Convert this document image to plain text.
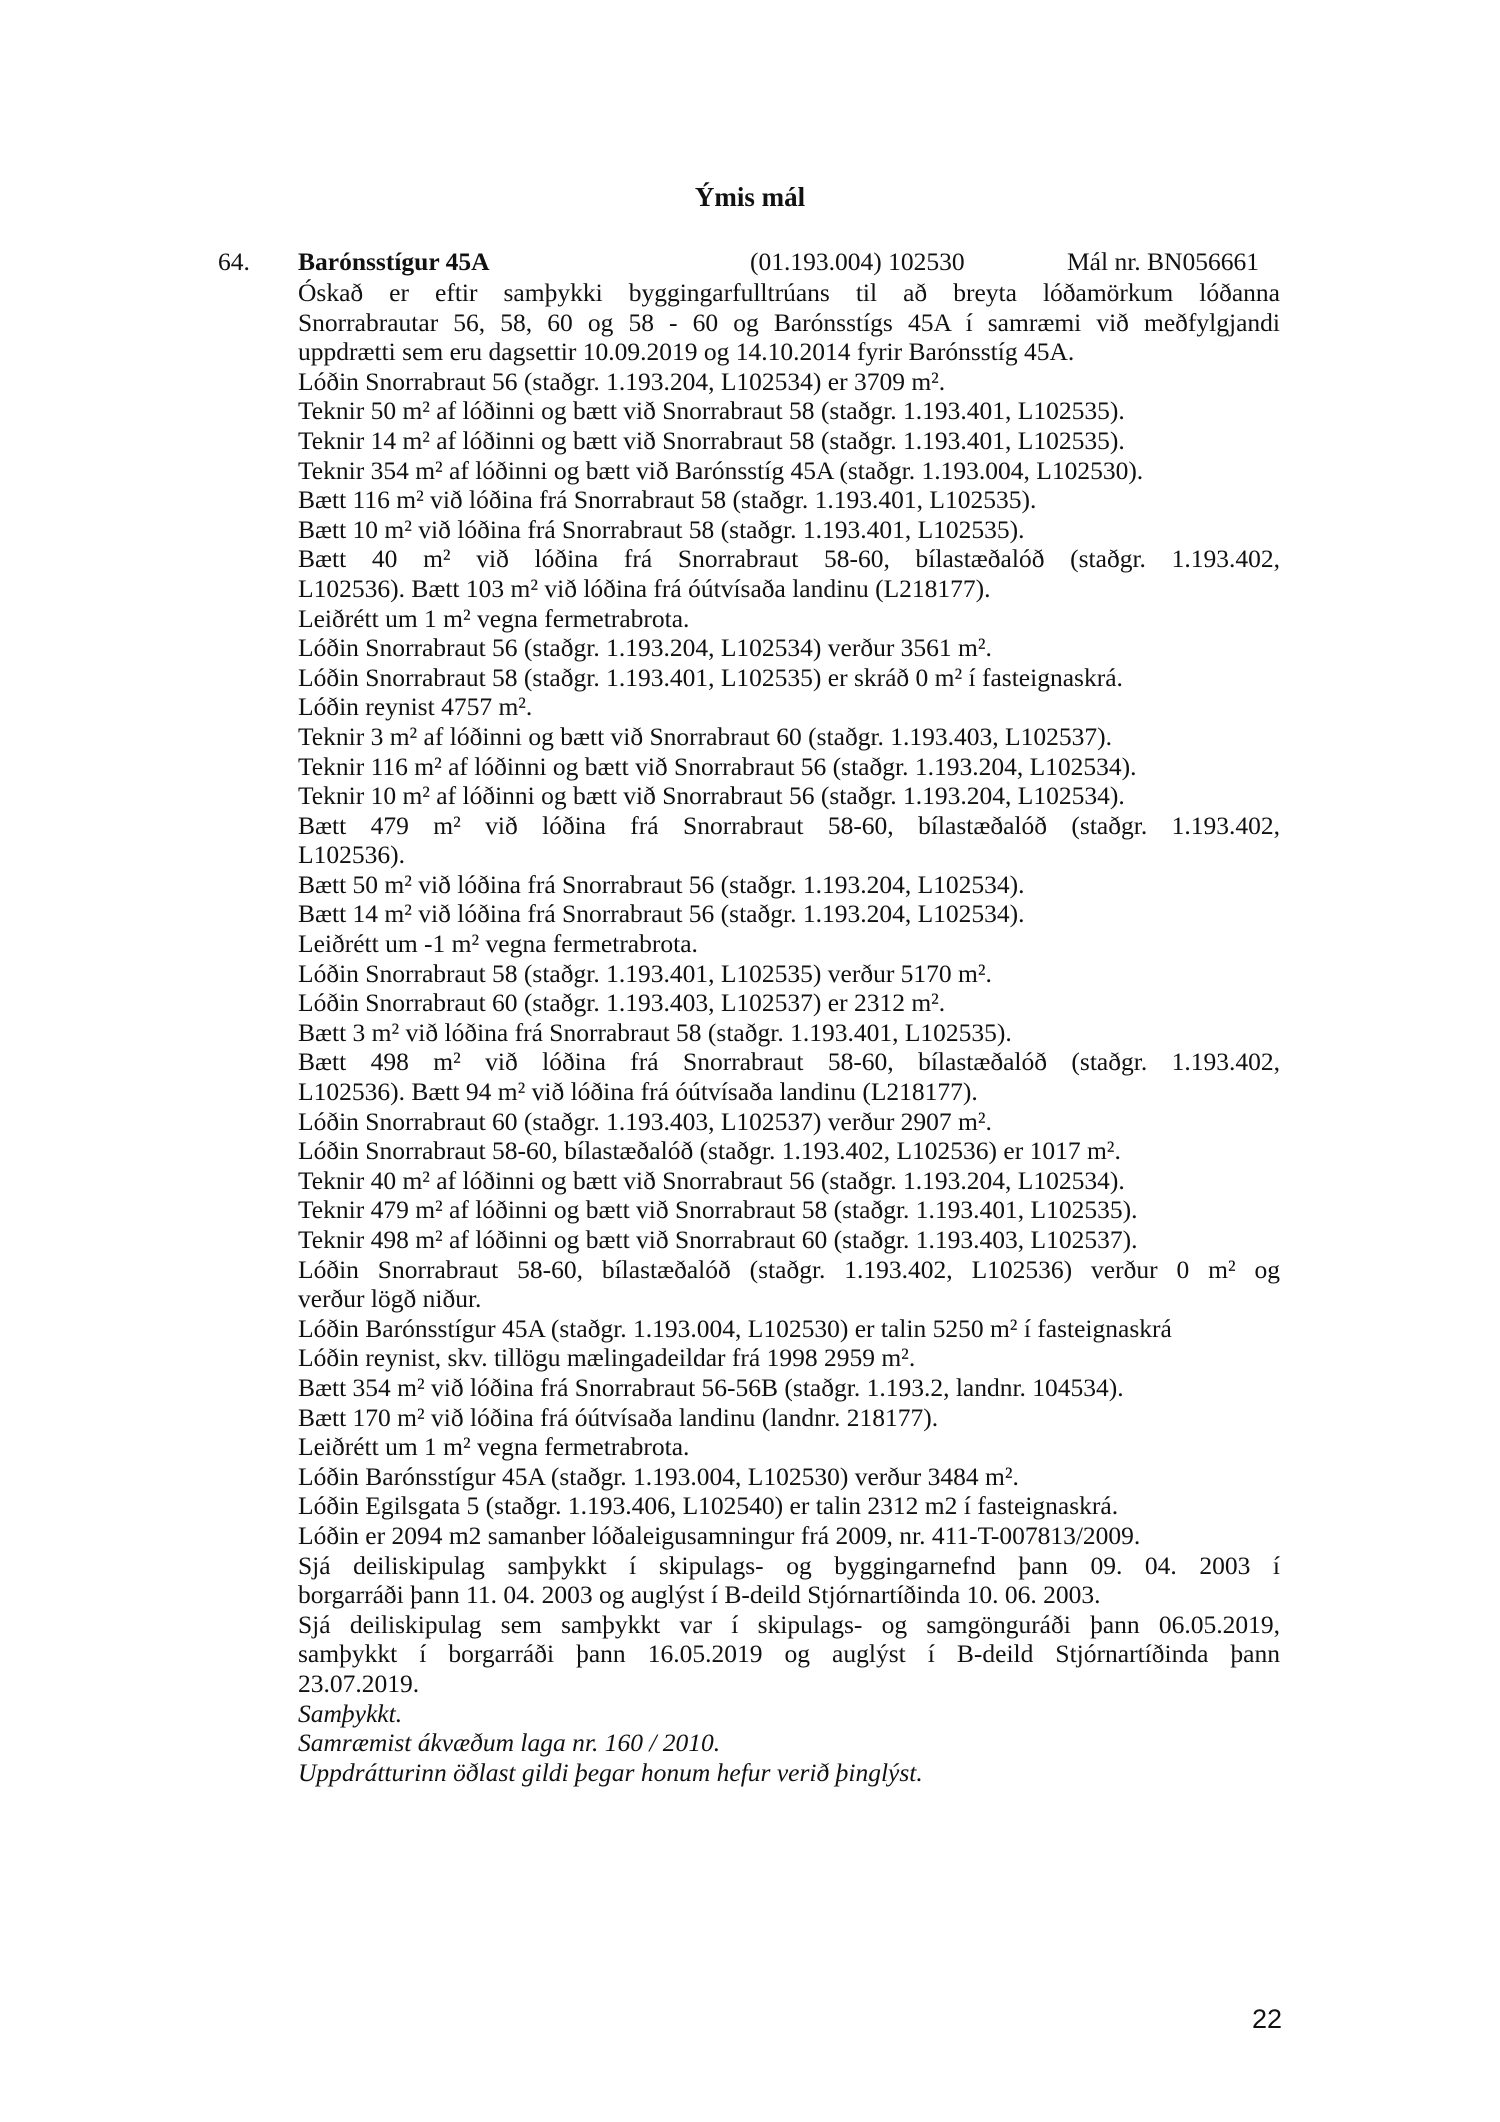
Ýmis mál
64. Barónsstígur 45A	(01.193.004) 102530	Mál nr. BN056661
Óskað er eftir samþykki byggingarfulltrúans til að breyta lóðamörkum lóðanna
Snorrabrautar 56, 58, 60 og 58 - 60 og Barónsstígs 45A í samræmi við meðfylgjandi
uppdrætti sem eru dagsettir 10.09.2019 og 14.10.2014 fyrir Barónsstíg 45A.
Lóðin Snorrabraut 56 (staðgr. 1.193.204, L102534) er 3709 m².
Teknir 50 m² af lóðinni og bætt við Snorrabraut 58 (staðgr. 1.193.401, L102535).
Teknir 14 m² af lóðinni og bætt við Snorrabraut 58 (staðgr. 1.193.401, L102535).
Teknir 354 m² af lóðinni og bætt við Barónsstíg 45A (staðgr. 1.193.004, L102530).
Bætt 116 m² við lóðina frá Snorrabraut 58 (staðgr. 1.193.401, L102535).
Bætt 10 m² við lóðina frá Snorrabraut 58 (staðgr. 1.193.401, L102535).
Bætt 40 m² við lóðina frá Snorrabraut 58-60, bílastæðalóð (staðgr. 1.193.402,
L102536). Bætt 103 m² við lóðina frá óútvísaða landinu (L218177).
Leiðrétt um 1 m² vegna fermetrabrota.
Lóðin Snorrabraut 56 (staðgr. 1.193.204, L102534) verður 3561 m².
Lóðin Snorrabraut 58 (staðgr. 1.193.401, L102535) er skráð 0 m² í fasteignaskrá.
Lóðin reynist 4757 m².
Teknir 3 m² af lóðinni og bætt við Snorrabraut 60 (staðgr. 1.193.403, L102537).
Teknir 116 m² af lóðinni og bætt við Snorrabraut 56 (staðgr. 1.193.204, L102534).
Teknir 10 m² af lóðinni og bætt við Snorrabraut 56 (staðgr. 1.193.204, L102534).
Bætt 479 m² við lóðina frá Snorrabraut 58-60, bílastæðalóð (staðgr. 1.193.402,
L102536).
Bætt 50 m² við lóðina frá Snorrabraut 56 (staðgr. 1.193.204, L102534).
Bætt 14 m² við lóðina frá Snorrabraut 56 (staðgr. 1.193.204, L102534).
Leiðrétt um -1 m² vegna fermetrabrota.
Lóðin Snorrabraut 58 (staðgr. 1.193.401, L102535) verður 5170 m².
Lóðin Snorrabraut 60 (staðgr. 1.193.403, L102537) er 2312 m².
Bætt 3 m² við lóðina frá Snorrabraut 58 (staðgr. 1.193.401, L102535).
Bætt 498 m² við lóðina frá Snorrabraut 58-60, bílastæðalóð (staðgr. 1.193.402,
L102536). Bætt 94 m² við lóðina frá óútvísaða landinu (L218177).
Lóðin Snorrabraut 60 (staðgr. 1.193.403, L102537) verður 2907 m².
Lóðin Snorrabraut 58-60, bílastæðalóð (staðgr. 1.193.402, L102536) er 1017 m².
Teknir 40 m² af lóðinni og bætt við Snorrabraut 56 (staðgr. 1.193.204, L102534).
Teknir 479 m² af lóðinni og bætt við Snorrabraut 58 (staðgr. 1.193.401, L102535).
Teknir 498 m² af lóðinni og bætt við Snorrabraut 60 (staðgr. 1.193.403, L102537).
Lóðin Snorrabraut 58-60, bílastæðalóð (staðgr. 1.193.402, L102536) verður 0 m² og
verður lögð niður.
Lóðin Barónsstígur 45A (staðgr. 1.193.004, L102530) er talin 5250 m² í fasteignaskrá
Lóðin reynist, skv. tillögu mælingadeildar frá 1998 2959 m².
Bætt 354 m² við lóðina frá Snorrabraut 56-56B (staðgr. 1.193.2, landnr. 104534).
Bætt 170 m² við lóðina frá óútvísaða landinu (landnr. 218177).
Leiðrétt um 1 m² vegna fermetrabrota.
Lóðin Barónsstígur 45A (staðgr. 1.193.004, L102530) verður 3484 m².
Lóðin Egilsgata 5 (staðgr. 1.193.406, L102540) er talin 2312 m2 í fasteignaskrá.
Lóðin er 2094 m2 samanber lóðaleigusamningur frá 2009, nr. 411-T-007813/2009.
Sjá deiliskipulag samþykkt í skipulags- og byggingarnefnd þann 09. 04. 2003 í
borgarráði þann 11. 04. 2003 og auglýst í B-deild Stjórnartíðinda 10. 06. 2003.
Sjá deiliskipulag sem samþykkt var í skipulags- og samgönguráði þann 06.05.2019,
samþykkt í borgarráði þann 16.05.2019 og auglýst í B-deild Stjórnartíðinda þann
23.07.2019.
Samþykkt.
Samræmist ákvæðum laga nr. 160 / 2010.
Uppdrátturinn öðlast gildi þegar honum hefur verið þinglýst.
22
